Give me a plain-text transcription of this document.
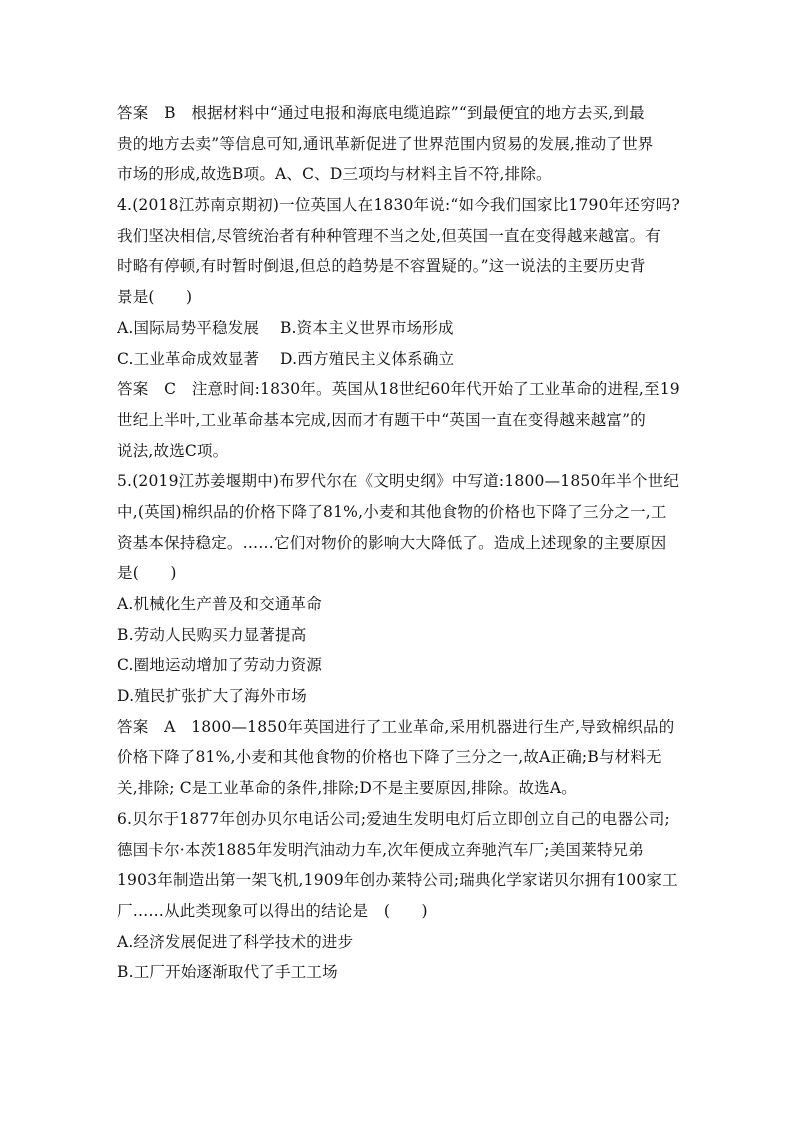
答案　B　根据材料中“通过电报和海底电缆追踪”“到最便宜的地方去买,到最
贵的地方去卖”等信息可知,通讯革新促进了世界范围内贸易的发展,推动了世界
市场的形成,故选B项。A、C、D三项均与材料主旨不符,排除。
4.(2018江苏南京期初)一位英国人在1830年说:“如今我们国家比1790年还穷吗?
我们坚决相信,尽管统治者有种种管理不当之处,但英国一直在变得越来越富。有
时略有停顿,有时暂时倒退,但总的趋势是不容置疑的。”这一说法的主要历史背
景是(　　)
A.国际局势平稳发展　 B.资本主义世界市场形成
C.工业革命成效显著　 D.西方殖民主义体系确立
答案　C　注意时间:1830年。英国从18世纪60年代开始了工业革命的进程,至19
世纪上半叶,工业革命基本完成,因而才有题干中“英国一直在变得越来越富”的
说法,故选C项。
5.(2019江苏姜堰期中)布罗代尔在《文明史纲》中写道:1800—1850年半个世纪
中,(英国)棉织品的价格下降了81%,小麦和其他食物的价格也下降了三分之一,工
资基本保持稳定。……它们对物价的影响大大降低了。造成上述现象的主要原因
是(　　)
A.机械化生产普及和交通革命
B.劳动人民购买力显著提高
C.圈地运动增加了劳动力资源
D.殖民扩张扩大了海外市场
答案　A　1800—1850年英国进行了工业革命,采用机器进行生产,导致棉织品的
价格下降了81%,小麦和其他食物的价格也下降了三分之一,故A正确;B与材料无
关,排除; C是工业革命的条件,排除;D不是主要原因,排除。故选A。
6.贝尔于1877年创办贝尔电话公司;爱迪生发明电灯后立即创立自己的电器公司;
德国卡尔·本茨1885年发明汽油动力车,次年便成立奔驰汽车厂;美国莱特兄弟
1903年制造出第一架飞机,1909年创办莱特公司;瑞典化学家诺贝尔拥有100家工
厂……从此类现象可以得出的结论是　(　　)
A.经济发展促进了科学技术的进步
B.工厂开始逐渐取代了手工工场
